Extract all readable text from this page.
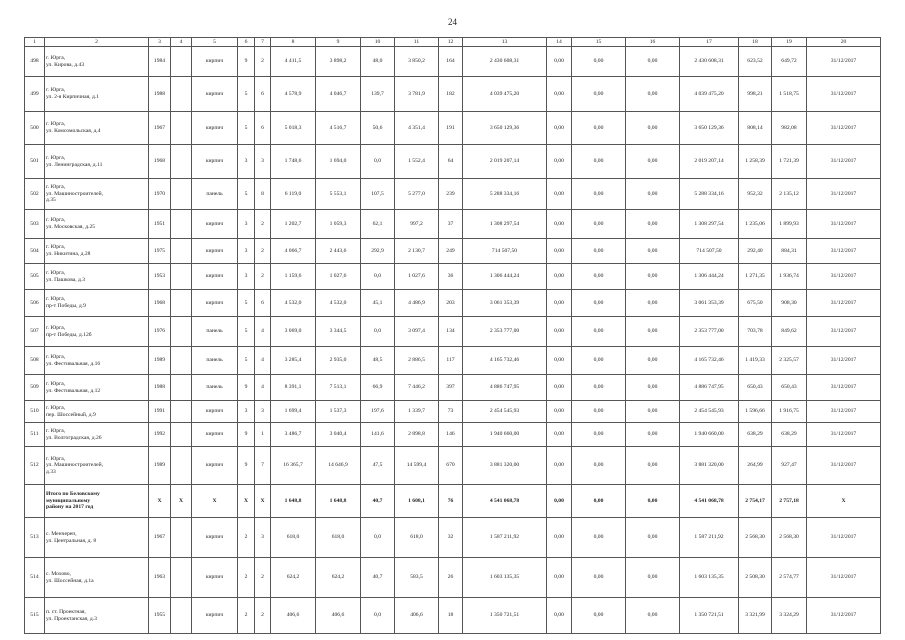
24
1	2	3	4	5	6	7	8	9	10	11	12	13	14	15	16	17	18	19	20
498	г. Юрга,
ул. Кирова, д.43	1984		кирпич	9	2	4 411,5	3 898,2	48,0	3 850,2	164	2 430 608,31	0,00	0,00	0,00	2 430 608,31	623,52	649,72	31/12/2017
499	г. Юрга,
ул. 2-я Кирпичная, д.1	1988		кирпич	5	6	4 578,9	4 046,7	139,7	3 781,9	182	4 039 475,20	0,00	0,00	0,00	4 039 475,20	998,21	1 518,75	31/12/2017
500	г. Юрга,
ул. Комсомольская, д.4	1967		кирпич	5	6	5 018,3	4 516,7	50,6	4 351,4	191	3 650 129,36	0,00	0,00	0,00	3 650 129,36	808,14	982,08	31/12/2017
501	г. Юрга,
ул. Ленинградская, д.11	1968		кирпич	3	3	1 748,6	1 694,0	0,0	1 552,4	64	2 019 207,14	0,00	0,00	0,00	2 019 207,14	1 258,39	1 721,39	31/12/2017
502	г. Юрга,
ул. Машиностроителей,
д.35	1970		панель	5	8	6 119,0	5 553,1	107,5	5 277,0	239	5 288 334,16	0,00	0,00	0,00	5 288 334,16	952,32	2 135,12	31/12/2017
503	г. Юрга,
ул. Московская, д.25	1951		кирпич	3	2	1 202,7	1 059,3	62,1	997,2	37	1 308 297,54	0,00	0,00	0,00	1 308 297,54	1 235,06	1 899,93	31/12/2017
504	г. Юрга,
ул. Никитина, д.28	1975		кирпич	3	2	4 066,7	2 443,6	292,9	2 130,7	249	714 507,50	0,00	0,00	0,00	714 507,50	292,40	884,31	31/12/2017
505	г. Юрга,
ул. Пашкова, д.3	1953		кирпич	3	2	1 159,6	1 027,6	0,0	1 027,6	36	1 306 444,24	0,00	0,00	0,00	1 306 444,24	1 271,35	1 936,74	31/12/2017
506	г. Юрга,
пр-т Победы, д.9	1968		кирпич	5	6	4 532,0	4 532,0	45,1	4 486,9	203	3 061 353,39	0,00	0,00	0,00	3 061 353,39	675,50	908,30	31/12/2017
507	г. Юрга,
пр-т Победы, д.12б	1976		панель	5	4	3 069,0	3 344,5	0,0	3 097,4	134	2 353 777,00	0,00	0,00	0,00	2 353 777,00	703,78	849,62	31/12/2017
508	г. Юрга,
ул. Фестивальная, д.16	1989		панель	5	4	3 285,4	2 935,0	48,5	2 886,5	117	4 165 732,46	0,00	0,00	0,00	4 165 732,46	1 419,33	2 325,57	31/12/2017
509	г. Юрга,
ул. Фестивальная, д.12	1988		панель	9	4	8 391,1	7 513,1	66,9	7 446,2	397	4 886 747,95	0,00	0,00	0,00	4 886 747,95	650,43	650,43	31/12/2017
510	г. Юрга,
пер. Шоссейный, д.9	1991		кирпич	3	3	1 699,4	1 537,3	197,6	1 339,7	73	2 454 545,93	0,00	0,00	0,00	2 454 545,93	1 596,66	1 916,75	31/12/2017
511	г. Юрга,
ул. Волгоградская, д.26	1992		кирпич	9	1	3 486,7	3 040,4	141,6	2 898,8	146	1 940 660,00	0,00	0,00	0,00	1 940 660,00	638,29	638,29	31/12/2017
512	г. Юрга,
ул. Машиностроителей,
д.33	1989		кирпич	9	7	16 365,7	14 646,9	47,5	14 599,4	670	3 881 320,00	0,00	0,00	0,00	3 881 320,00	264,99	927,47	31/12/2017

	Итого по Беловскому
муниципальному
району на 2017 год	X	X	X	X	X	1 648,8	1 648,8	40,7	1 608,1	76	4 541 068,78	0,00	0,00	0,00	4 541 068,78	2 754,17	2 757,18	X
513	с. Менчереп,
ул. Центральная, д. 8	1967		кирпич	2	3	618,0	618,0	0,0	618,0	32	1 587 211,92	0,00	0,00	0,00	1 587 211,92	2 568,30	2 568,30	31/12/2017
514	с. Мохово,
ул. Шоссейная, д.1а	1963		кирпич	2	2	624,2	624,2	40,7	583,5	26	1 603 135,35	0,00	0,00	0,00	1 603 135,35	2 508,30	2 574,77	31/12/2017
515	п. ст. Проектная,
ул. Проектанская, д.3	1955		кирпич	2	2	406,6	406,6	0,0	406,6	18	1 350 721,51	0,00	0,00	0,00	1 350 721,51	3 321,99	3 324,29	31/12/2017
